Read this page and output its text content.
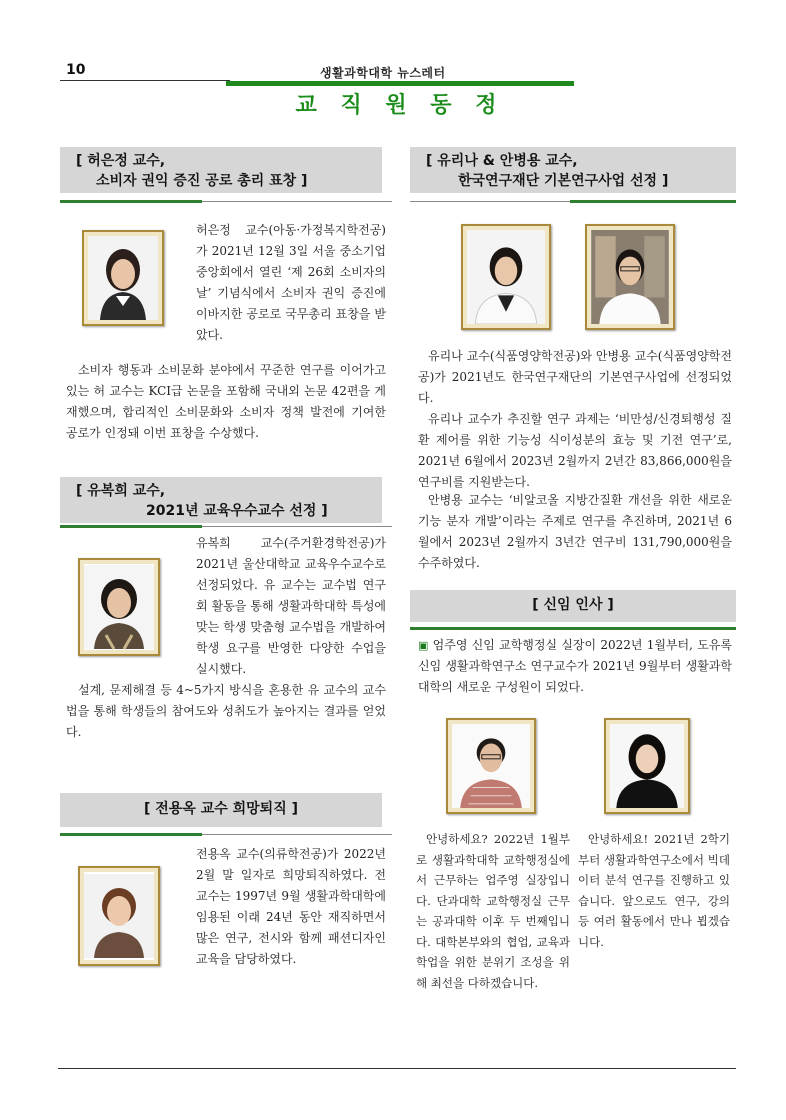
10	생활과학대학 뉴스레터
교 직 원 동 정
[ 허은정 교수,
소비자 권익 증진 공로 총리 표창 ]
허은정 교수(아동·가정복지학전공)가 2021년 12월 3일 서울 중소기업중앙회에서 열린 ‘제 26회 소비자의 날’ 기념식에서 소비자 권익 증진에 이바지한 공로로 국무총리 표창을 받았다.
소비자 행동과 소비문화 분야에서 꾸준한 연구를 이어가고 있는 허 교수는 KCI급 논문을 포함해 국내외 논문 42편을 게재했으며, 합리적인 소비문화와 소비자 정책 발전에 기여한 공로가 인정돼 이번 표창을 수상했다.
[ 유복희 교수,
2021년 교육우수교수 선정 ]
유복희 교수(주거환경학전공)가 2021년 울산대학교 교육우수교수로 선정되었다. 유 교수는 교수법 연구회 활동을 통해 생활과학대학 특성에 맞는 학생 맞춤형 교수법을 개발하여 학생 요구를 반영한 다양한 수업을 실시했다.
설계, 문제해결 등 4~5가지 방식을 혼용한 유 교수의 교수법을 통해 학생들의 참여도와 성취도가 높아지는 결과를 얻었다.
[ 전용옥 교수 희망퇴직 ]
전용옥 교수(의류학전공)가 2022년 2월 말 일자로 희망퇴직하였다. 전 교수는 1997년 9월 생활과학대학에 임용된 이래 24년 동안 재직하면서 많은 연구, 전시와 함께 패션디자인 교육을 담당하였다.
[ 유리나 & 안병용 교수,
한국연구재단 기본연구사업 선정 ]
유리나 교수(식품영양학전공)와 안병용 교수(식품영양학전공)가 2021년도 한국연구재단의 기본연구사업에 선정되었다.
유리나 교수가 추진할 연구 과제는 ‘비만성/신경퇴행성 질환 제어를 위한 기능성 식이성분의 효능 및 기전 연구’로, 2021년 6월에서 2023년 2월까지 2년간 83,866,000원을 연구비를 지원받는다.
안병용 교수는 ‘비알코올 지방간질환 개선을 위한 새로운 기능 분자 개발’이라는 주제로 연구를 추진하며, 2021년 6월에서 2023년 2월까지 3년간 연구비 131,790,000원을 수주하였다.
[ 신임 인사 ]
▣ 엄주영 신임 교학행정실 실장이 2022년 1월부터, 도유록 신임 생활과학연구소 연구교수가 2021년 9월부터 생활과학대학의 새로운 구성원이 되었다.
안녕하세요? 2022년 1월부로 생활과학대학 교학행정실에서 근무하는 업주영 실장입니다. 단과대학 교학행정실 근무는 공과대학 이후 두 번째입니다. 대학본부와의 협업, 교육과 학업을 위한 분위기 조성을 위해 최선을 다하겠습니다.
안녕하세요! 2021년 2학기부터 생활과학연구소에서 빅데이터 분석 연구를 진행하고 있습니다. 앞으로도 연구, 강의 등 여러 활동에서 만나 뵙겠습니다.
